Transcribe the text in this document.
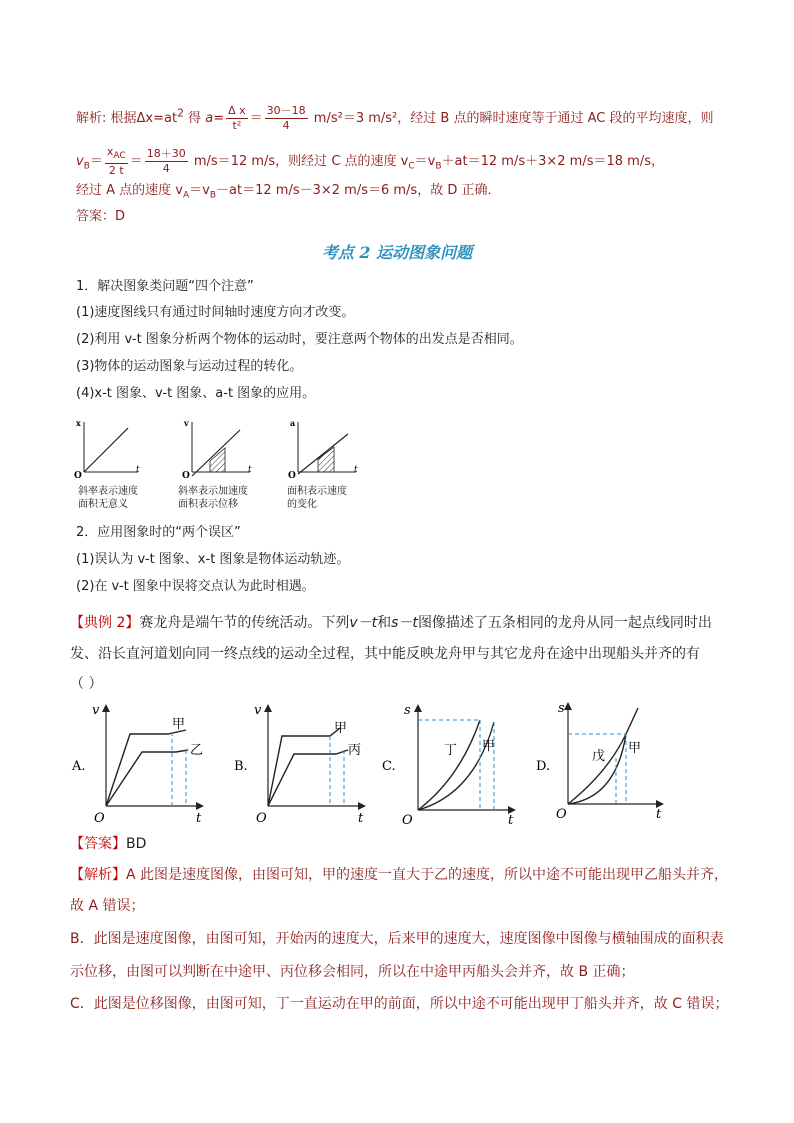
解析: 根据$\Delta x=at^2$ 得 $a= \frac{\text{Δ x}}{\text{t²}} = \frac{30-18}{4} m/s^2=3$ m/s²，经过 B 点的瞬时速度等于通过 AC 段的平均速度，则
$v_B= \frac{x_{AC}}{2 t} = \frac{18+30}{4} m/s=12$ m/s，则经过 C 点的速度 $v_C=v_B+at=12$ m/s＋3×2 m/s＝18 m/s，
经过 A 点的速度 $v_A=v_B-at=12$ m/s－3×2 m/s＝6 m/s，故 D 正确．
答案：D
考点 2 运动图象问题
1．解决图象类问题“四个注意”
(1)速度图线只有通过时间轴时速度方向才改变。
(2)利用 v-t 图象分析两个物体的运动时，要注意两个物体的出发点是否相同。
(3)物体的运动图象与运动过程的转化。
(4)x-t 图象、v-t 图象、a-t 图象的应用。
x
O
t
v
O
t
a
O
t
斜率表示速度
面积无意义
斜率表示加速度
面积表示位移
面积表示速度
的变化
2．应用图象时的“两个误区”
(1)误认为 v-t 图象、x-t 图象是物体运动轨迹。
(2)在 v-t 图象中误将交点认为此时相遇。
【典例 2】赛龙舟是端午节的传统活动。下列v－t和s－t图像描述了五条相同的龙舟从同一起点线同时出
发、沿长直河道划向同一终点线的运动全过程，其中能反映龙舟甲与其它龙舟在途中出现船头并齐的有
（ ）
A.
v
O	t
甲
乙
B.
v
O	t
甲
丙
C.
s
O	t
丁 甲
D.
s
O	t
戊
甲
【答案】BD
【解析】A 此图是速度图像，由图可知，甲的速度一直大于乙的速度，所以中途不可能出现甲乙船头并齐，
故 A 错误；
B．此图是速度图像，由图可知，开始丙的速度大，后来甲的速度大，速度图像中图像与横轴围成的面积表
示位移，由图可以判断在中途甲、丙位移会相同，所以在中途甲丙船头会并齐，故 B 正确；
C．此图是位移图像，由图可知，丁一直运动在甲的前面，所以中途不可能出现甲丁船头并齐，故 C 错误；
